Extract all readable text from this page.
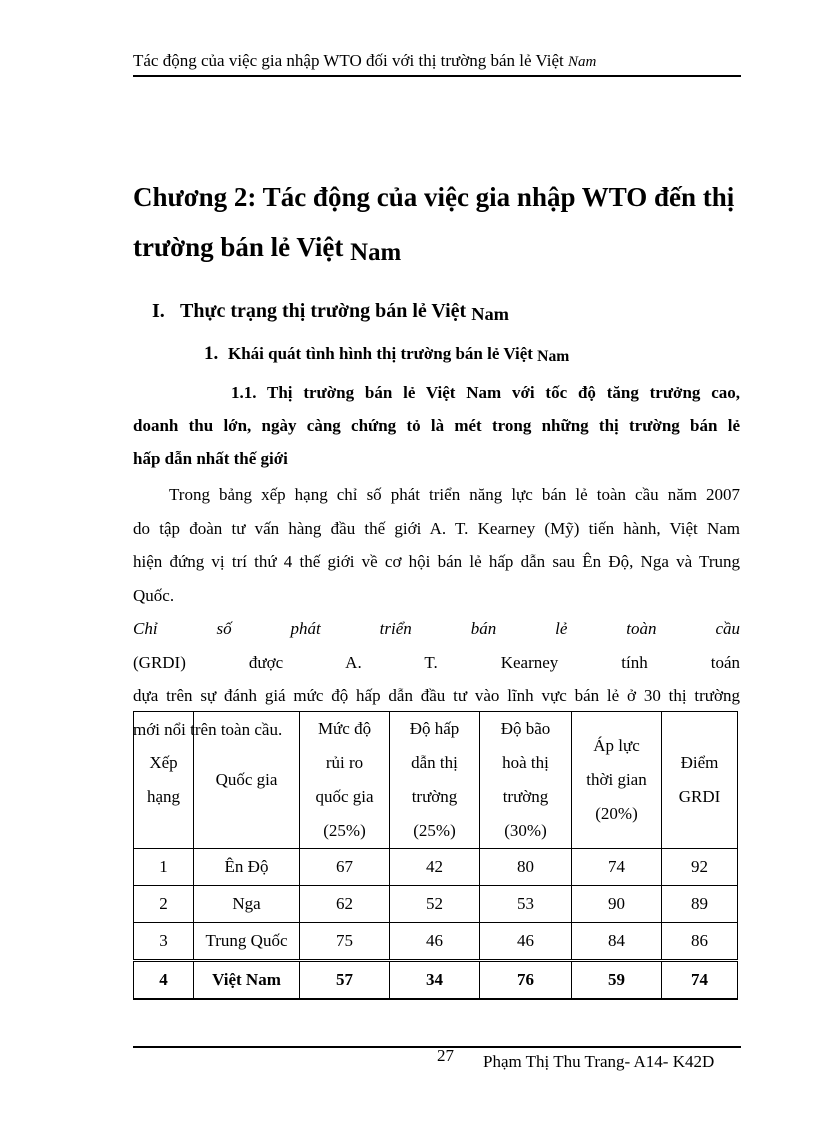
Tác động của việc gia nhập WTO đối với thị trường bán lẻ Việt Nam
Chương 2: Tác động của việc gia nhập WTO đến thị
trường bán lẻ Việt Nam
I. Thực trạng thị trường bán lẻ Việt Nam
1. Khái quát tình hình thị trường bán lẻ Việt Nam
1.1. Thị trường bán lẻ Việt Nam với tốc độ tăng trưởng cao,
doanh thu lớn, ngày càng chứng tỏ là mét trong những thị trường bán lẻ
hấp dẫn nhất thế giới

Trong bảng xếp hạng chỉ số phát triển năng lực bán lẻ toàn cầu năm 2007
do tập đoàn tư vấn hàng đầu thế giới A. T. Kearney (Mỹ) tiến hành, Việt Nam
hiện đứng vị trí thứ 4 thế giới về cơ hội bán lẻ hấp dẫn sau Ên Độ, Nga và Trung
Quốc.
Chỉ số phát triển bán lẻ toàn cầu
(GRDI) được A. T. Kearney tính toán
dựa trên sự đánh giá mức độ hấp dẫn đầu tư vào lĩnh vực bán lẻ ở 30 thị trường
mới nổi trên toàn cầu.

Xếp
hạng	Quốc gia	Mức độ
rủi ro
quốc gia
(25%)	Độ hấp
dẫn thị
trường
(25%)	Độ bão
hoà thị
trường
(30%)	Áp lực
thời gian
(20%)	Điểm
GRDI
1	Ên Độ	67	42	80	74	92
2	Nga	62	52	53	90	89
3	Trung Quốc	75	46	46	84	86
4	Việt Nam	57	34	76	59	74
27 Phạm Thị Thu Trang- A14- K42D
